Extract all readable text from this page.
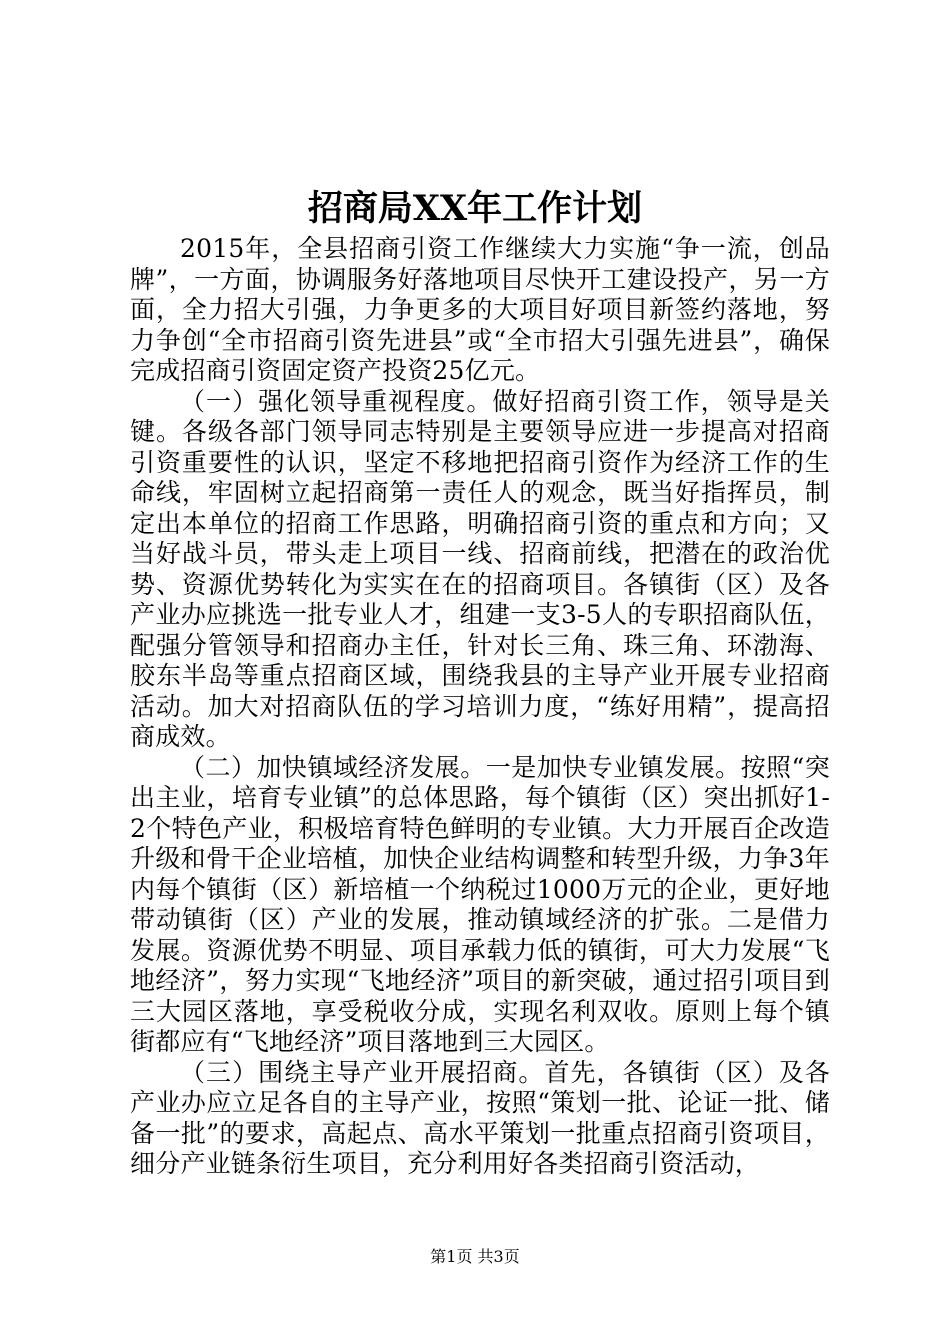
招商局XX年工作计划

2015年，全县招商引资工作继续大力实施“争一流，创品牌”，一方面，协调服务好落地项目尽快开工建设投产，另一方面，全力招大引强，力争更多的大项目好项目新签约落地，努力争创“全市招商引资先进县”或“全市招大引强先进县”，确保完成招商引资固定资产投资25亿元。

（一）强化领导重视程度。做好招商引资工作，领导是关键。各级各部门领导同志特别是主要领导应进一步提高对招商引资重要性的认识，坚定不移地把招商引资作为经济工作的生命线，牢固树立起招商第一责任人的观念，既当好指挥员，制定出本单位的招商工作思路，明确招商引资的重点和方向；又当好战斗员，带头走上项目一线、招商前线，把潜在的政治优势、资源优势转化为实实在在的招商项目。各镇街（区）及各产业办应挑选一批专业人才，组建一支3-5人的专职招商队伍，配强分管领导和招商办主任，针对长三角、珠三角、环渤海、胶东半岛等重点招商区域，围绕我县的主导产业开展专业招商活动。加大对招商队伍的学习培训力度，“练好用精”，提高招商成效。

（二）加快镇域经济发展。一是加快专业镇发展。按照“突出主业，培育专业镇”的总体思路，每个镇街（区）突出抓好1-2个特色产业，积极培育特色鲜明的专业镇。大力开展百企改造升级和骨干企业培植，加快企业结构调整和转型升级，力争3年内每个镇街（区）新培植一个纳税过1000万元的企业，更好地带动镇街（区）产业的发展，推动镇域经济的扩张。二是借力发展。资源优势不明显、项目承载力低的镇街，可大力发展“飞地经济”，努力实现“飞地经济”项目的新突破，通过招引项目到三大园区落地，享受税收分成，实现名利双收。原则上每个镇街都应有“飞地经济”项目落地到三大园区。

（三）围绕主导产业开展招商。首先，各镇街（区）及各产业办应立足各自的主导产业，按照“策划一批、论证一批、储备一批”的要求，高起点、高水平策划一批重点招商引资项目，细分产业链条衍生项目，充分利用好各类招商引资活动，

第1页 共3页
